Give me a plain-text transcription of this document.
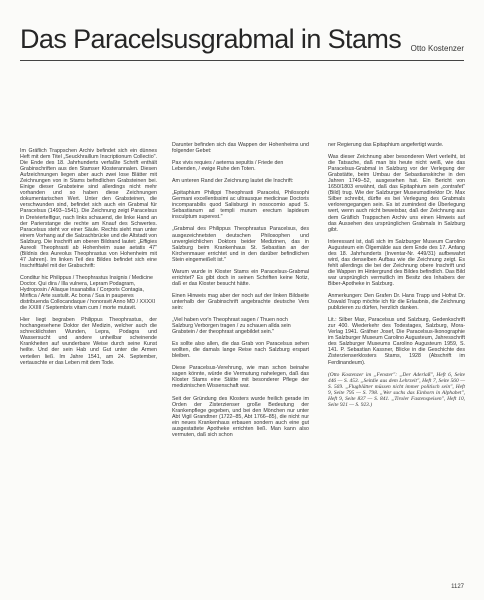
Das Paracelsusgrabmal in Stams Otto Kostenzer

Im Gräflich Trappschen Archiv befindet sich ein dünnes Heft mit dem Titel „Seuckhraillum Inscriptionum Collectio". Die Ende des 18. Jahrhunderts verfaßte Schrift enthält Grabinschriften aus den Stamser Klosterannalen. Diesen Aufzeichnungen liegen aber auch zwei lose Blätter mit Zeichnungen von in Stams befindlichen Grabsteinen bei. Einige dieser Grabsteine sind allerdings nicht mehr vorhanden und so haben diese Zeichnungen dokumentarischen Wert. Unter den Grabsteinen, die verschwunden sind, befindet sich auch ein Grabmal für Paracelsus (1493–1541). Die Zeichnung zeigt Paracelsus in Dreiviertelfigur, nach links schauend, die linke Hand an der Parierstange die rechte am Knauf des Schwertes. Paracelsus steht vor einer Säule. Rechts sieht man unter einem Vorhang auf die Salzachbrücke und die Altstadt von Salzburg. Die Inschrift am oberen Bildrand lautet: „Effigies Aureoli Theophrasti ab Hohenheim suae aetatis 47" (Bildnis des Aureolus Theophrastus von Hohenheim mit 47 Jahren). Im linken Teil des Bildes befindet sich eine Inschrifttafel mit der Grabschrift:

Conditur hic Philippus / Theophrastus Insignis / Medicine Doctor. Qui dira / Illa vulnera, Lepram Podagram, Hydroposin / Aliaque Insanabilia / Corporis Contagia, Mirifica / Arte sustulit. Ac bona / Sua in pauperes distribuenda Collocandaque / honoravit Anno MD / XXXXI die XXIIII / Septembris vitam cum / morte mutavit.

Hier liegt begraben Philippus Theophrastus, der hochangesehene Doktor der Medizin, welcher auch die schrecklichsten Wunden, Lepra, Podagra und Wassersucht und andere unheilbar scheinende Krankheiten auf wunderbare Weise durch seine Kunst heilte. Und der sein Hab und Gut unter die Armen verteilen ließ. Im Jahre 1541, am 24. September, vertauschte er das Leben mit dem Tode.

Darunter befinden sich das Wappen der Hohenheims und folgender Gebet:

Pax vivis requies / aeterna sepultis / Friede den Lebenden, / ewige Ruhe den Toten.

Am unteren Rand der Zeichnung lautet die Inschrift:

„Epitaphium Philippi Theophrasti Paracelsi, Philosophi Germani excellentissimi ac ultrausque medicinae Doctoris incomparabilis quod Salisburgi in nosocomio apud S. Sebastianum ad templi murum erectum lapideum insculptum superest."

„Grabmal des Philippus Theophrastus Paracelsus, des ausgezeichnetsten deutschen Philosophen und unvergleichlichen Doktors beider Medizinen, das in Salzburg beim Krankenhaus St. Sebastian an der Kirchenmauer errichtet und in den darüber befindlichen Stein eingemeißelt ist."

Warum wurde in Kloster Stams ein Paracelsus-Grabmal errichtet? Es gibt doch in seinen Schriften keine Notiz, daß er das Kloster besucht hätte.

Einen Hinweis mag aber der noch auf der linken Bildseite unterhalb der Grabinschrift angebrachte deutsche Vers sein:

„Viel haben vor'n Theophrast sagen / Thuen noch Salzburg Verborgen tragen / zu schauen allda sein Grabstein / der theophrast angebildet sein."

Es sollte also allen, die das Grab von Paracelsus sehen wollten, die damals lange Reise nach Salzburg erspart bleiben.

Diese Paracelsus-Verehrung, wie man schon beinahe sagen könnte, würde die Vermutung nahelegen, daß das Kloster Stams eine Stätte mit besonderer Pflege der medizinischen Wissenschaft war.

Seit der Gründung des Klosters wurde freilich gerade im Orden der Zisterzienser große Bedeutung der Krankenpflege gegeben, und bei den Mönchen nur unter Abt Vigil Grandtner (1722–85, Abt 1766–85), die nicht nur ein neues Krankenhaus erbauen sondern auch eine gut ausgestattete Apotheke errichten ließ. Man kann also vermuten, daß sich schon

ner Regierung das Epitaphium angefertigt wurde.

Was dieser Zeichnung aber besonderen Wert verleiht, ist die Tatsache, daß man bis heute nicht weiß, wie das Paracelsus-Grabmal in Salzburg vor der Verlegung der Grabstätte, beim Umbau der Sebastianskirche in den Jahren 1749–52, ausgesehen hat. Ein Bericht von 1650/1803 erwähnt, daß das Epitaphium sein „contrafet" (Bild) trug. Wie der Salzburger Museumsdirektor Dr. Max Silber schreibt, dürfte es bei Verlegung des Grabmals verlorengegangen sein. Es ist zumindest die Überlegung wert, wenn auch nicht beweisbar, daß der Zeichnung aus dem Gräflich Trappschen Archiv uns einen Hinweis auf das Aussehen des ursprünglichen Grabmals in Salzburg gibt.

Interessant ist, daß sich im Salzburger Museum Carolino Augusteum ein Ölgemälde aus dem Ende des 17. Anfang des 18. Jahrhunderts (Inventar-Nr. 449/31) aufbewahrt wird, das denselben Aufbau wie die Zeichnung zeigt. Es fehlt allerdings die bei der Zeichnung obere Inschrift und die Wappen im Hintergrund des Bildes befindlich. Das Bild war ursprünglich vermutlich im Besitz des Inhabers der Biber-Apotheke in Salzburg.

Anmerkungen: Den Grafen Dr. Hans Trapp und Hofrat Dr. Oswald Trapp möchte ich für die Erlaubnis, die Zeichnung publizieren zu dürfen, herzlich danken.

Lit.: Silber Max, Paracelsus und Salzburg, Gedenkschrift zur 400. Wiederkehr des Todestages, Salzburg, Mora-Verlag 1941. Gräfner Josef, Die Paracelsus-Ikonographie im Salzburger Museum Carolino Augusteum, Jahresschrift des Salzburger Museums Carolino Augusteum 1959, S. 141. P. Sebastian Kassner, Blicke in die Geschichte des Zisterzienserklosters Stams, 1928 (Abschrift im Ferdinandeum).

(Otto Kostenzer im „Fenster": „Der Aderlaß", Heft 6, Seite 446 — S. 453. „Seitdie aus dem Lehrzeit", Heft 7, Seite 560 — S. 569. „Flugblätter müssen nicht immer politisch sein", Heft 9, Seite 795 — S. 798. „Wer suchs das Einhorn in Alphabet", Heft 9, Seite 837 — S. 841. „Tiroler Fastenspeisen", Heft 10, Seite 921 — S. 923.)

1127
